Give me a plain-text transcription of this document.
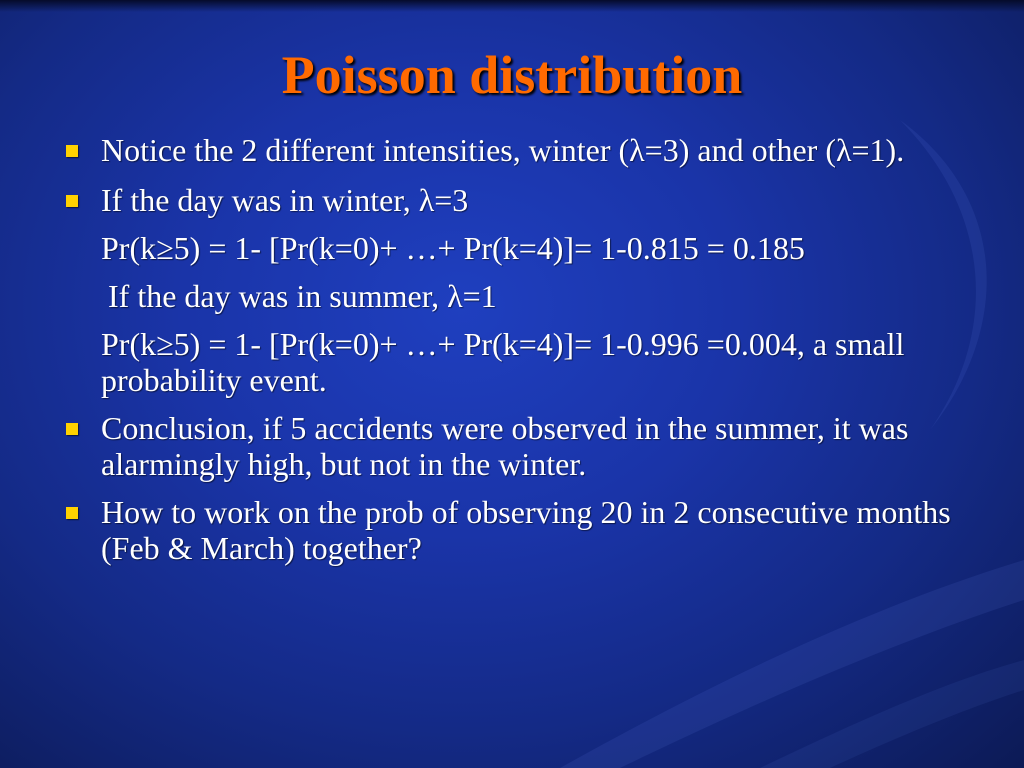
Poisson distribution
Notice the 2 different intensities, winter (λ=3) and other (λ=1).
If the day was in winter, λ=3
Pr(k≥5) = 1- [Pr(k=0)+ …+ Pr(k=4)]= 1-0.815 = 0.185
If the day was in summer, λ=1
Pr(k≥5) = 1- [Pr(k=0)+ …+ Pr(k=4)]= 1-0.996 =0.004, a small probability event.
Conclusion, if 5 accidents were observed in the summer, it was alarmingly high, but not in the winter.
How to work on the prob of observing 20 in 2 consecutive months (Feb & March) together?
